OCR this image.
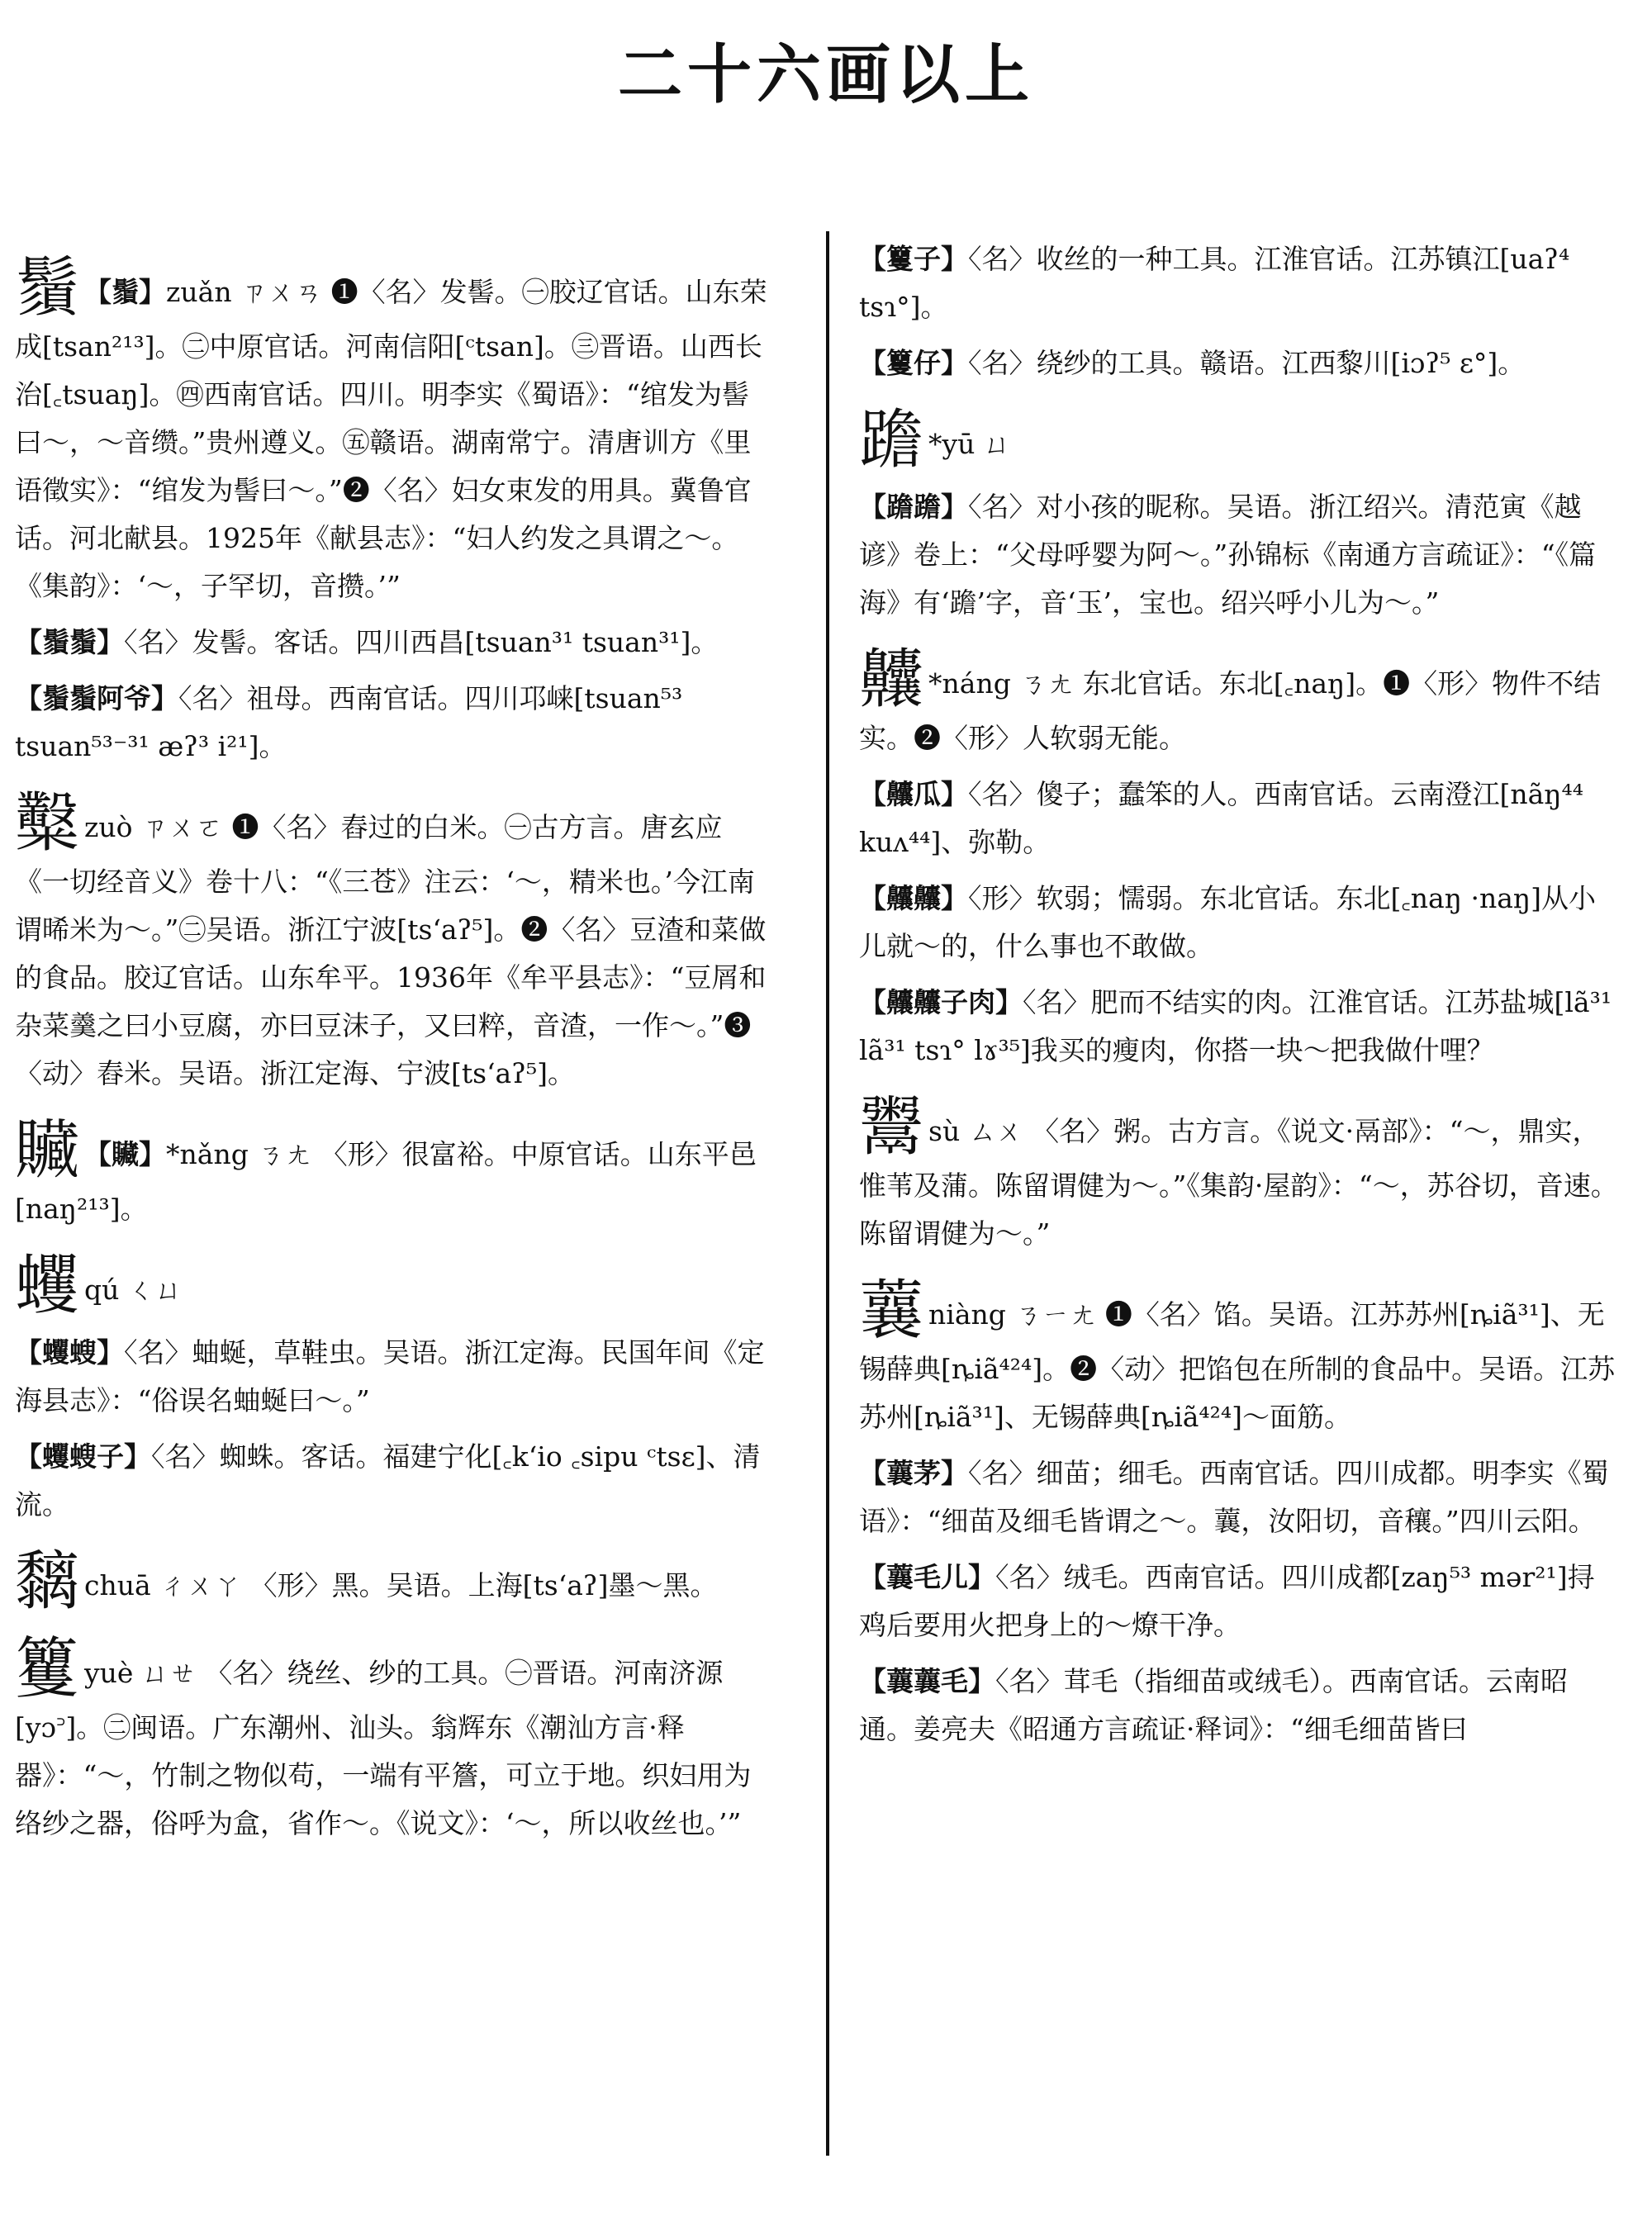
二十六画以上
鬚 【鬚】zuǎn ㄗㄨㄢ ❶〈名〉发髻。㊀胶辽官话。山东荣成[tsan²¹³]。㊁中原官话。河南信阳[ᶜtsan]。㊂晋语。山西长治[꜀tsuaŋ]。㊃西南官话。四川。明李实《蜀语》：“绾发为髻曰～，～音缵。”贵州遵义。㊄赣语。湖南常宁。清唐训方《里语徵实》：“绾发为髻曰～。”❷〈名〉妇女束发的用具。冀鲁官话。河北献县。1925年《献县志》：“妇人约发之具谓之～。《集韵》：‘～，子罕切，音攒。’”
【鬚鬚】〈名〉发髻。客话。四川西昌[tsuan³¹ tsuan³¹]。
【鬚鬚阿爷】〈名〉祖母。西南官话。四川邛崃[tsuan⁵³ tsuan⁵³⁻³¹ æʔ³ i²¹]。
糳zuò ㄗㄨㄛ ❶〈名〉舂过的白米。㊀古方言。唐玄应《一切经音义》卷十八：“《三苍》注云：‘～，精米也。’今江南谓晞米为～。”㊁吴语。浙江宁波[ts‘aʔ⁵]。❷〈名〉豆渣和菜做的食品。胶辽官话。山东牟平。1936年《牟平县志》：“豆屑和杂菜羹之曰小豆腐，亦曰豆沫子，又曰粹，音渣，一作～。”❸〈动〉舂米。吴语。浙江定海、宁波[ts‘aʔ⁵]。
贜 【贜】*nǎng ㄋㄤ 〈形〉很富裕。中原官话。山东平邑[naŋ²¹³]。
蠼qú ㄑㄩ
【蠼螋】〈名〉蚰蜒，草鞋虫。吴语。浙江定海。民国年间《定海县志》：“俗误名蚰蜒曰～。”
【蠼螋子】〈名〉蜘蛛。客话。福建宁化[꜀k‘io ꜀sipu ᶜtsɛ]、清流。
黐chuā ㄔㄨㄚ 〈形〉黑。吴语。上海[ts‘aʔ]墨～黑。
籰yuè ㄩㄝ 〈名〉绕丝、纱的工具。㊀晋语。河南济源[yɔ꜄]。㊁闽语。广东潮州、汕头。翁辉东《潮汕方言·释器》：“～，竹制之物似苟，一端有平簷，可立于地。织妇用为络纱之器，俗呼为盒，省作～。《说文》：‘～，所以收丝也。’”
【籰子】〈名〉收丝的一种工具。江淮官话。江苏镇江[uaʔ⁴ tsɿ°]。
【籰仔】〈名〉绕纱的工具。赣语。江西黎川[iɔʔ⁵ ɛ°]。
䠨 *yū ㄩ
【䠨䠨】〈名〉对小孩的昵称。吴语。浙江绍兴。清范寅《越谚》卷上：“父母呼婴为阿～。”孙锦标《南通方言疏证》：“《篇海》有‘䠨’字，音‘玉’，宝也。绍兴呼小儿为～。”
齉 *náng ㄋㄤ 东北官话。东北[꜀naŋ]。❶〈形〉物件不结实。❷〈形〉人软弱无能。
【齉瓜】〈名〉傻子；蠢笨的人。西南官话。云南澄江[nãŋ⁴⁴ kuʌ⁴⁴]、弥勒。
【齉齉】〈形〉软弱；懦弱。东北官话。东北[꜀naŋ ·naŋ]从小儿就～的，什么事也不敢做。
【齉齉子肉】〈名〉肥而不结实的肉。江淮官话。江苏盐城[lã³¹ lã³¹ tsɿ° lɤ³⁵]我买的瘦肉，你搭一块～把我做什哩？
鬻sù ㄙㄨ 〈名〉粥。古方言。《说文·鬲部》：“～，鼎实，惟苇及蒲。陈留谓健为～。”《集韵·屋韵》：“～，苏谷切，音速。陈留谓健为～。”
蘘niàng ㄋㄧㄤ ❶〈名〉馅。吴语。江苏苏州[ȵiã³¹]、无锡薛典[ȵiã⁴²⁴]。❷〈动〉把馅包在所制的食品中。吴语。江苏苏州[ȵiã³¹]、无锡薛典[ȵiã⁴²⁴]～面筋。
【蘘茅】〈名〉细苗；细毛。西南官话。四川成都。明李实《蜀语》：“细苗及细毛皆谓之～。蘘，汝阳切，音穰。”四川云阳。
【蘘毛儿】〈名〉绒毛。西南官话。四川成都[zaŋ⁵³ mər²¹]挦鸡后要用火把身上的～燎干净。
【蘘蘘毛】〈名〉茸毛（指细苗或绒毛）。西南官话。云南昭通。姜亮夫《昭通方言疏证·释词》：“细毛细苗皆曰
